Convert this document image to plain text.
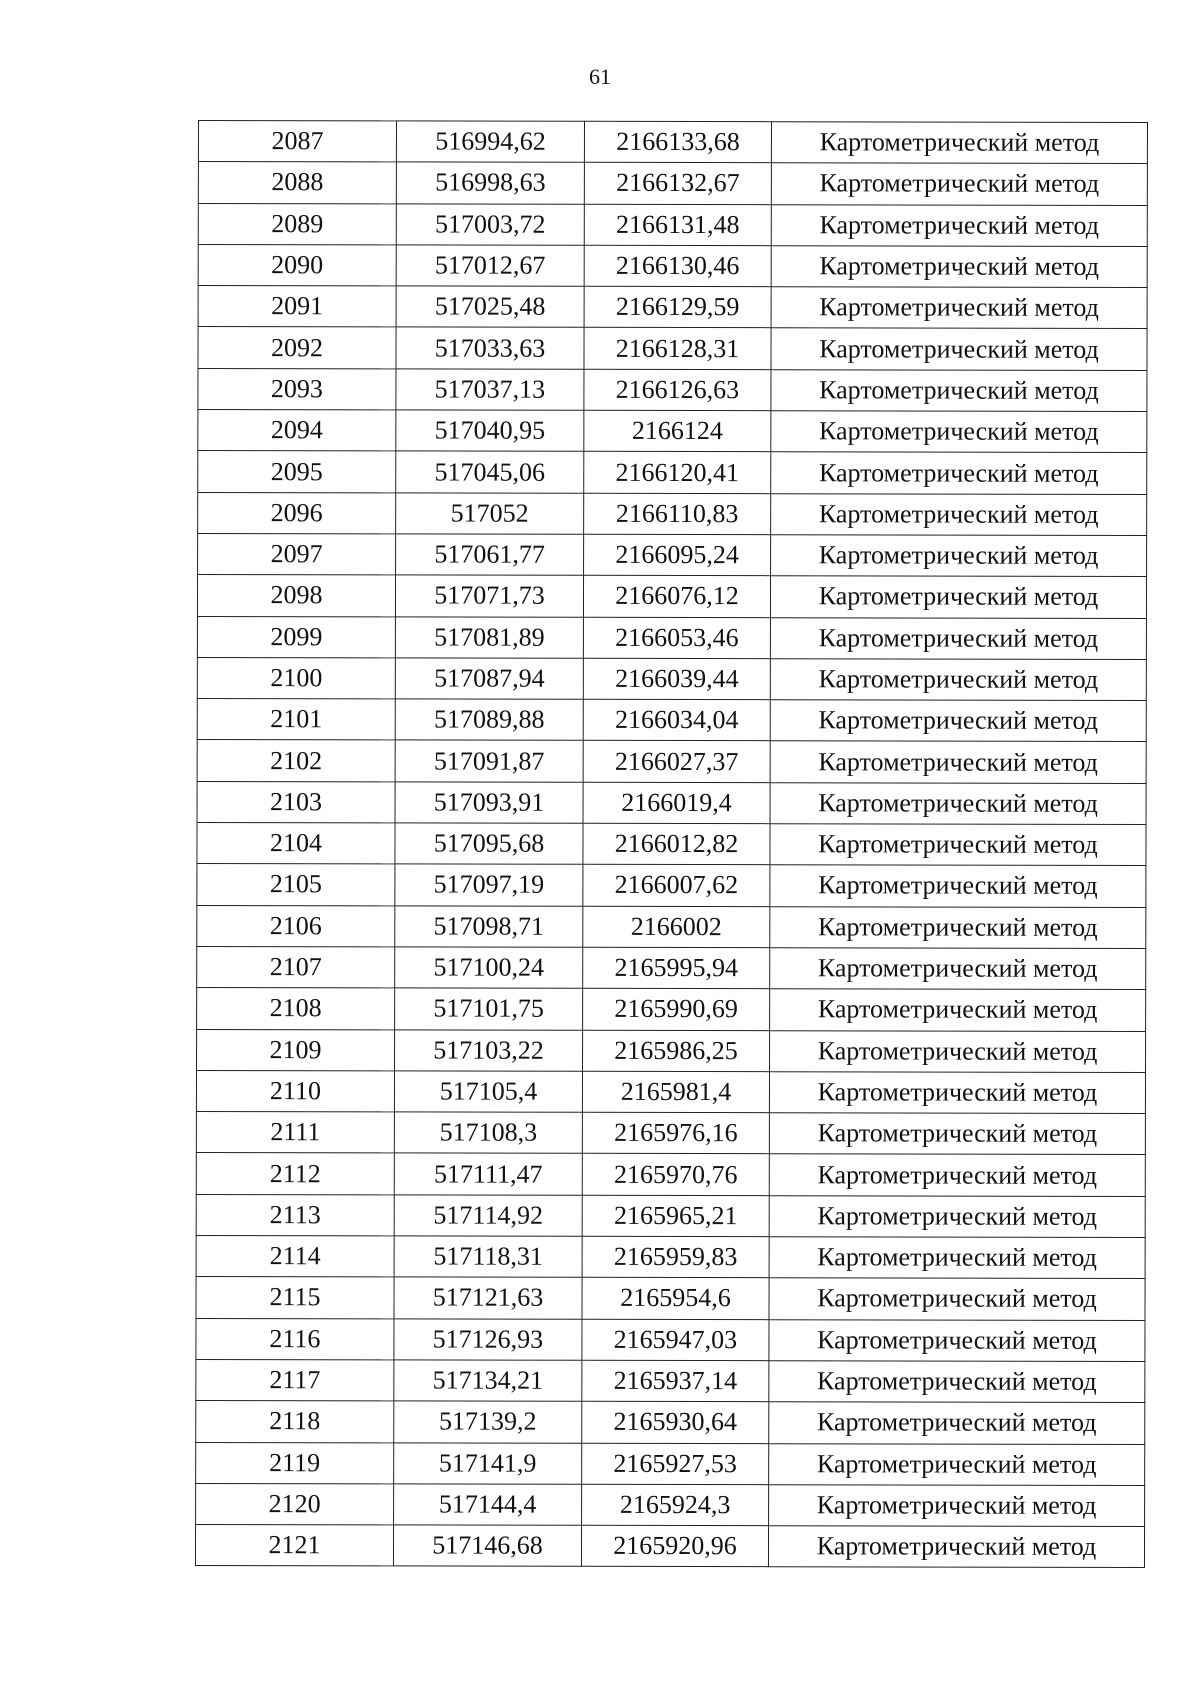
61
2087	516994,62	2166133,68	Картометрический метод
2088	516998,63	2166132,67	Картометрический метод
2089	517003,72	2166131,48	Картометрический метод
2090	517012,67	2166130,46	Картометрический метод
2091	517025,48	2166129,59	Картометрический метод
2092	517033,63	2166128,31	Картометрический метод
2093	517037,13	2166126,63	Картометрический метод
2094	517040,95	2166124	Картометрический метод
2095	517045,06	2166120,41	Картометрический метод
2096	517052	2166110,83	Картометрический метод
2097	517061,77	2166095,24	Картометрический метод
2098	517071,73	2166076,12	Картометрический метод
2099	517081,89	2166053,46	Картометрический метод
2100	517087,94	2166039,44	Картометрический метод
2101	517089,88	2166034,04	Картометрический метод
2102	517091,87	2166027,37	Картометрический метод
2103	517093,91	2166019,4	Картометрический метод
2104	517095,68	2166012,82	Картометрический метод
2105	517097,19	2166007,62	Картометрический метод
2106	517098,71	2166002	Картометрический метод
2107	517100,24	2165995,94	Картометрический метод
2108	517101,75	2165990,69	Картометрический метод
2109	517103,22	2165986,25	Картометрический метод
2110	517105,4	2165981,4	Картометрический метод
2111	517108,3	2165976,16	Картометрический метод
2112	517111,47	2165970,76	Картометрический метод
2113	517114,92	2165965,21	Картометрический метод
2114	517118,31	2165959,83	Картометрический метод
2115	517121,63	2165954,6	Картометрический метод
2116	517126,93	2165947,03	Картометрический метод
2117	517134,21	2165937,14	Картометрический метод
2118	517139,2	2165930,64	Картометрический метод
2119	517141,9	2165927,53	Картометрический метод
2120	517144,4	2165924,3	Картометрический метод
2121	517146,68	2165920,96	Картометрический метод
